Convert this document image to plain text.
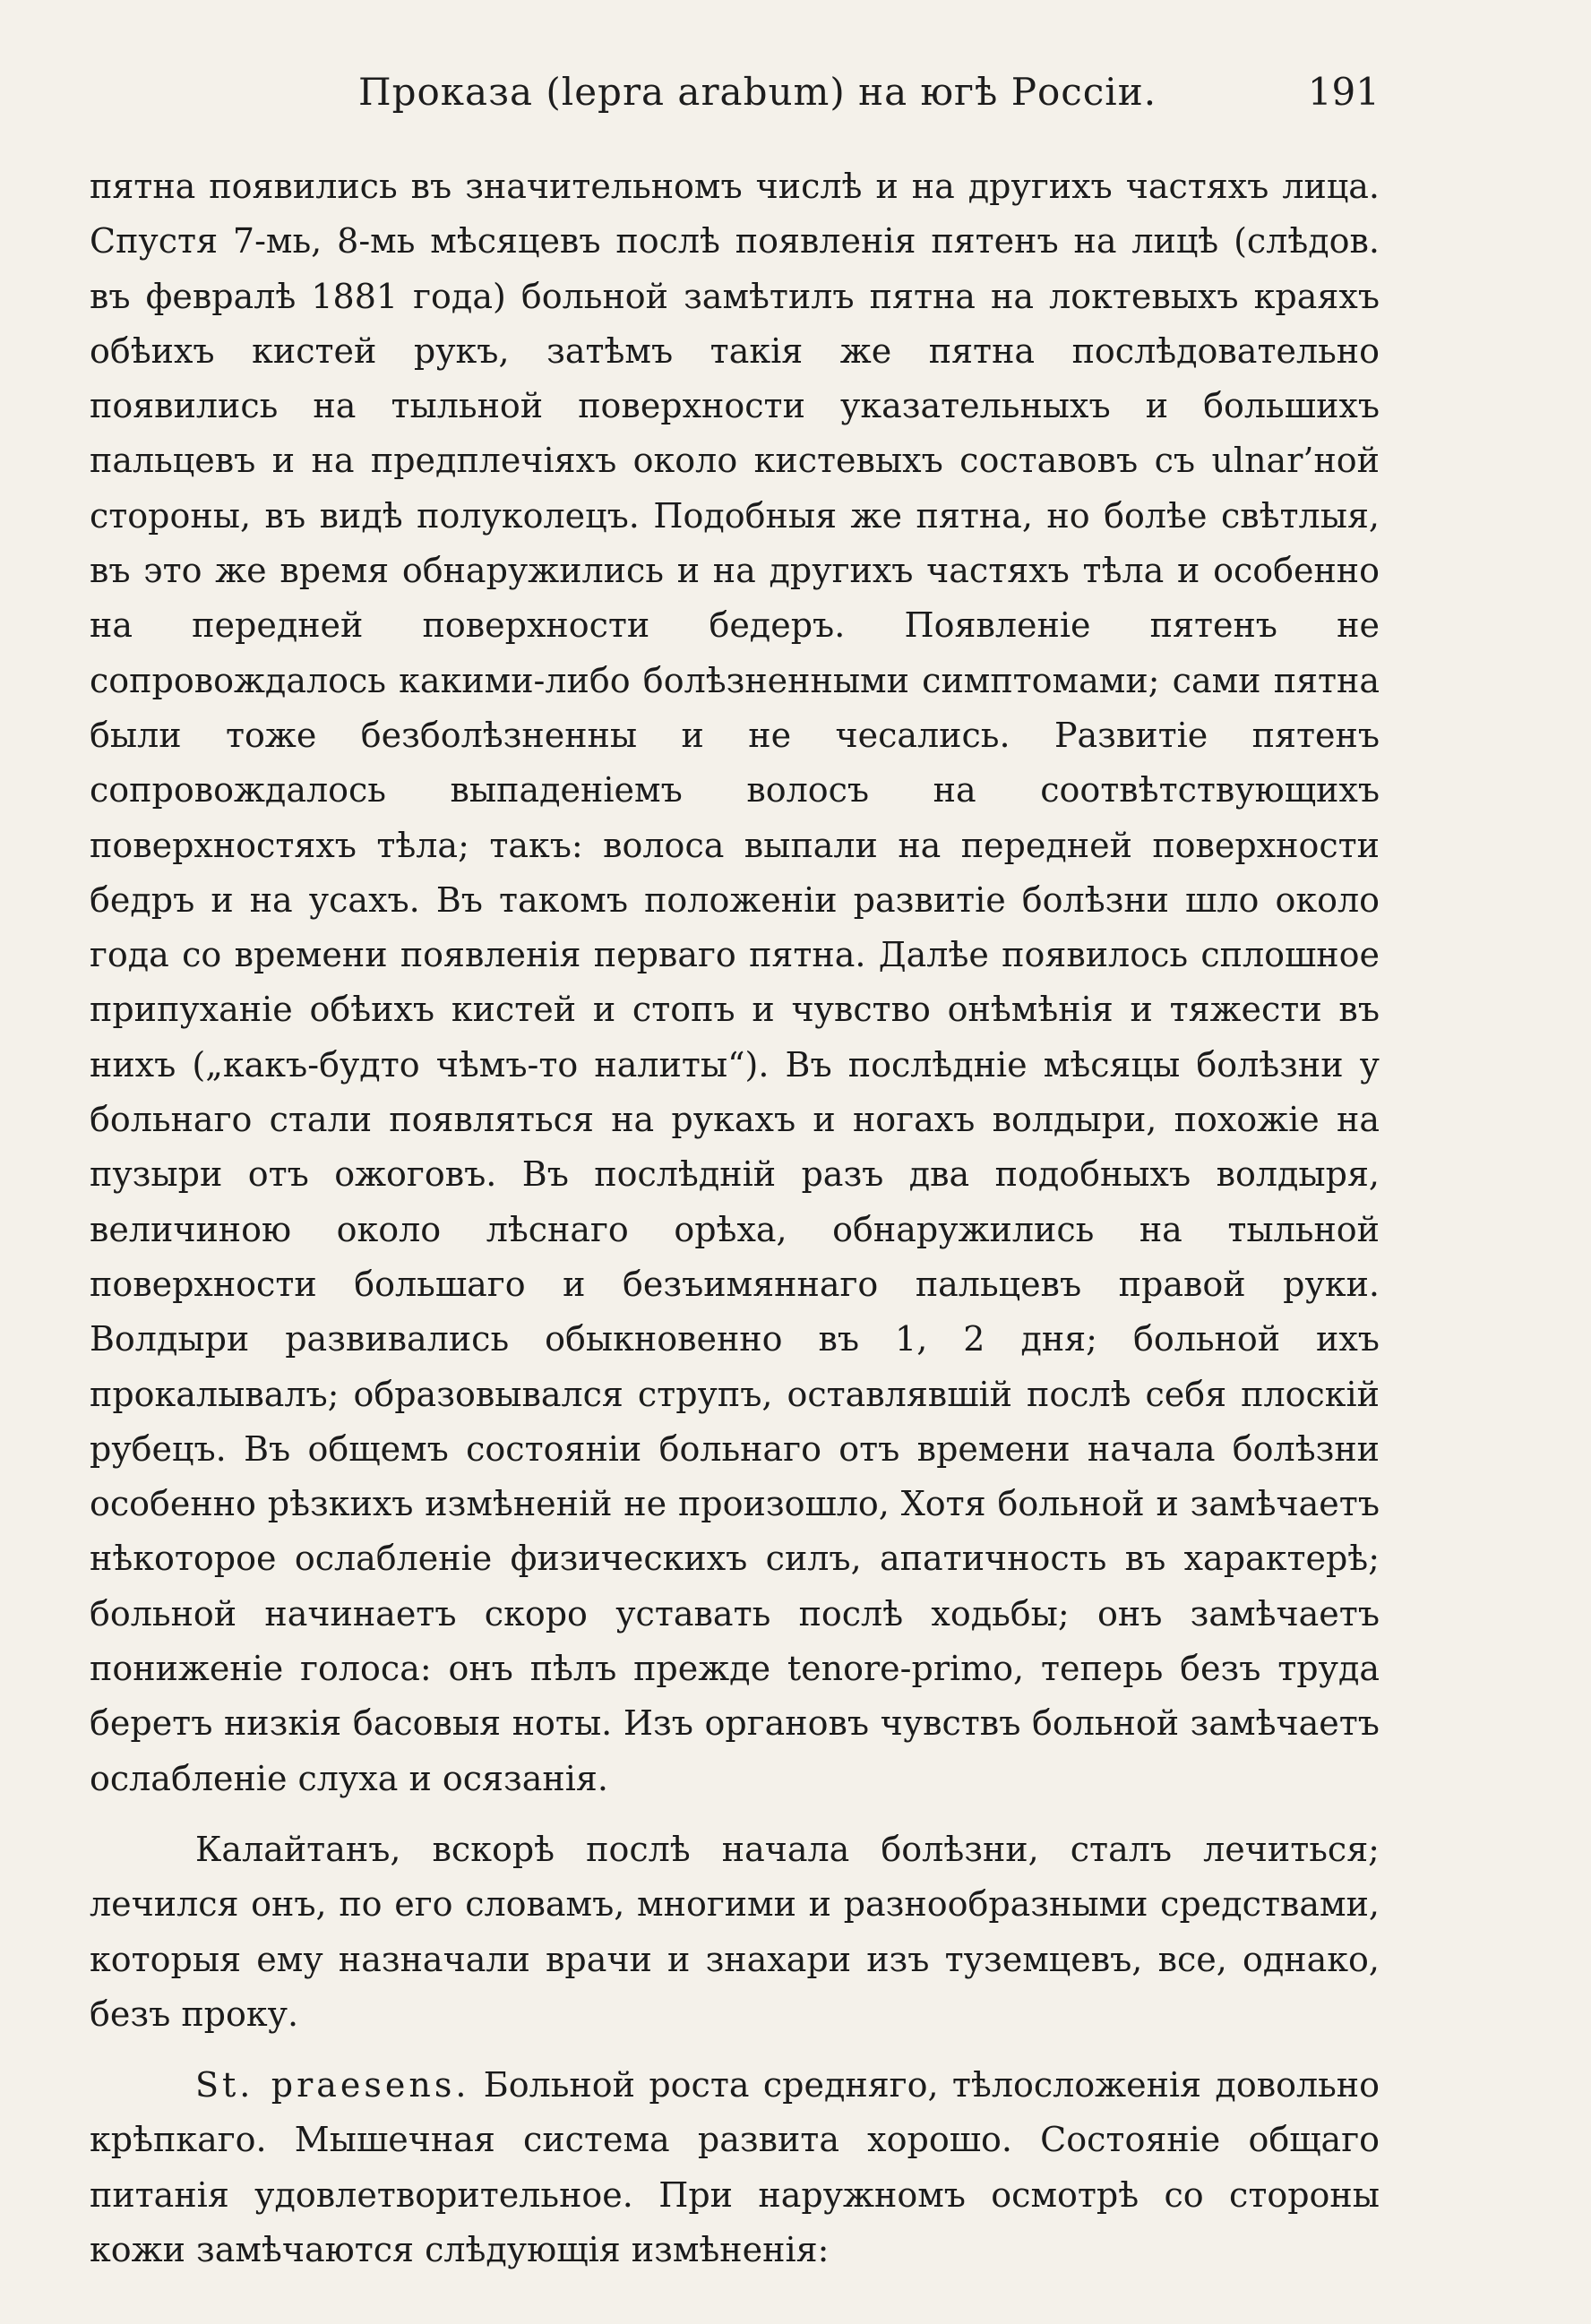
Проказа (lepra arabum) на югѣ Россіи.	191

пятна появились въ значительномъ числѣ и на другихъ частяхъ лица. Спустя 7-мь, 8-мь мѣсяцевъ послѣ появленія пятенъ на лицѣ (слѣдов. въ февралѣ 1881 года) больной замѣтилъ пятна на локтевыхъ краяхъ обѣихъ кистей рукъ, затѣмъ такія же пятна послѣдовательно появились на тыльной поверхности указательныхъ и большихъ пальцевъ и на предплечіяхъ около кистевыхъ составовъ съ ulnar’ной стороны, въ видѣ полуколецъ. Подобныя же пятна, но болѣе свѣтлыя, въ это же время обнаружились и на другихъ частяхъ тѣла и особенно на передней поверхности бедеръ. Появленіе пятенъ не сопровождалось какими-либо болѣзненными симптомами; сами пятна были тоже безболѣзненны и не чесались. Развитіе пятенъ сопровождалось выпаденіемъ волосъ на соотвѣтствующихъ поверхностяхъ тѣла; такъ: волоса выпали на передней поверхности бедръ и на усахъ. Въ такомъ положеніи развитіе болѣзни шло около года со времени появленія перваго пятна. Далѣе появилось сплошное припуханіе обѣихъ кистей и стопъ и чувство онѣмѣнія и тяжести въ нихъ („какъ-будто чѣмъ-то налиты“). Въ послѣдніе мѣсяцы болѣзни у больнаго стали появляться на рукахъ и ногахъ волдыри, похожіе на пузыри отъ ожоговъ. Въ послѣдній разъ два подобныхъ волдыря, величиною около лѣснаго орѣха, обнаружились на тыльной поверхности большаго и безъимяннаго пальцевъ правой руки. Волдыри развивались обыкновенно въ 1, 2 дня; больной ихъ прокалывалъ; образовывался струпъ, оставлявшій послѣ себя плоскій рубецъ. Въ общемъ состояніи больнаго отъ времени начала болѣзни особенно рѣзкихъ измѣненій не произошло, Хотя больной и замѣчаетъ нѣкоторое ослабленіе физическихъ силъ, апатичность въ характерѣ; больной начинаетъ скоро уставать послѣ ходьбы; онъ замѣчаетъ пониженіе голоса: онъ пѣлъ прежде tenore-primo, теперь безъ труда беретъ низкія басовыя ноты. Изъ органовъ чувствъ больной замѣчаетъ ослабленіе слуха и осязанія.

Калайтанъ, вскорѣ послѣ начала болѣзни, сталъ лечиться; лечился онъ, по его словамъ, многими и разнообразными средствами, которыя ему назначали врачи и знахари изъ туземцевъ, все, однако, безъ проку.

St. praesens. Больной роста средняго, тѣлосложенія довольно крѣпкаго. Мышечная система развита хорошо. Состояніе общаго питанія удовлетворительное. При наружномъ осмотрѣ со стороны кожи замѣчаются слѣдующія измѣненія:
